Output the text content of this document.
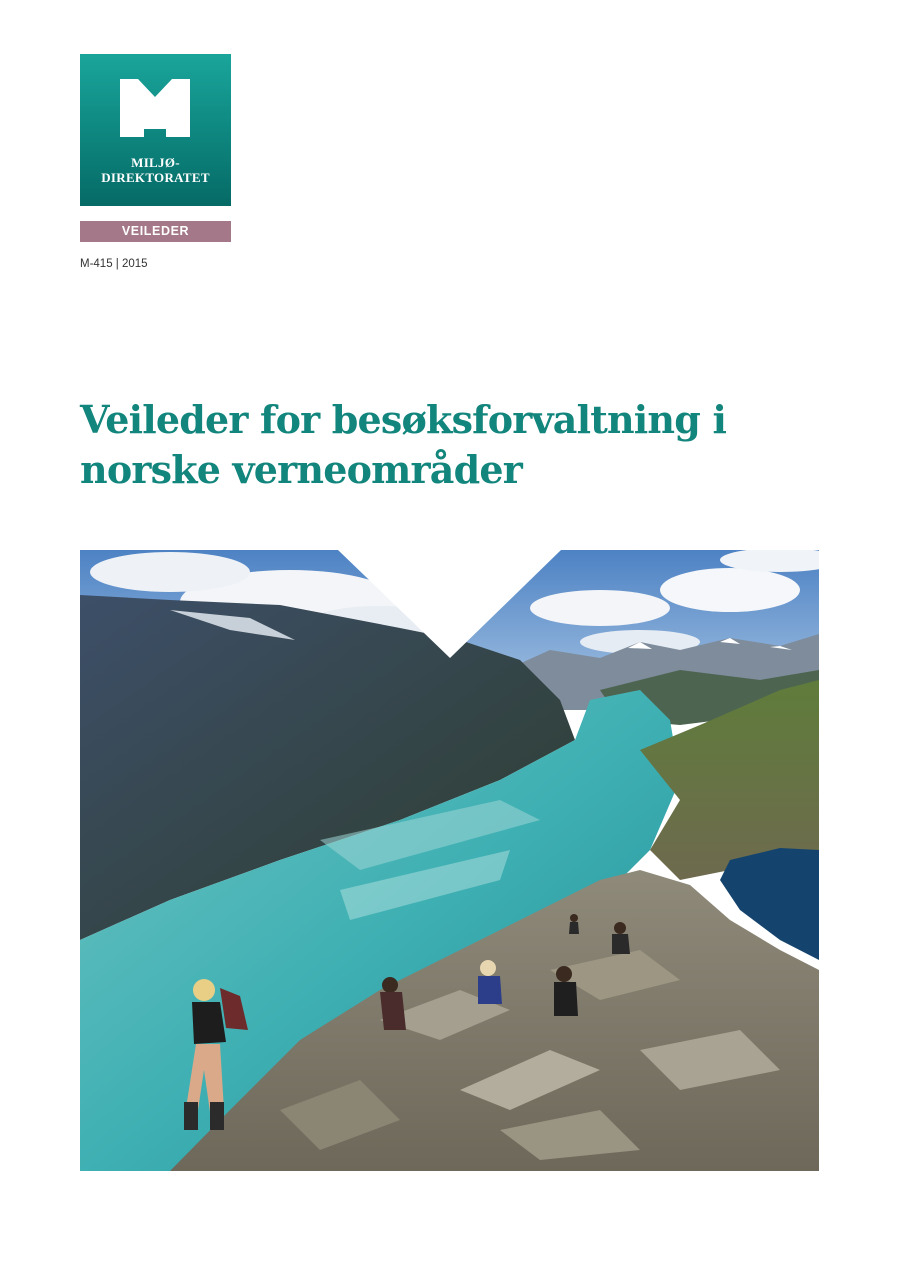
MILJØ-
DIREKTORATET
VEILEDER
M-415 | 2015
Veileder for besøksforvaltning i norske verneområder
